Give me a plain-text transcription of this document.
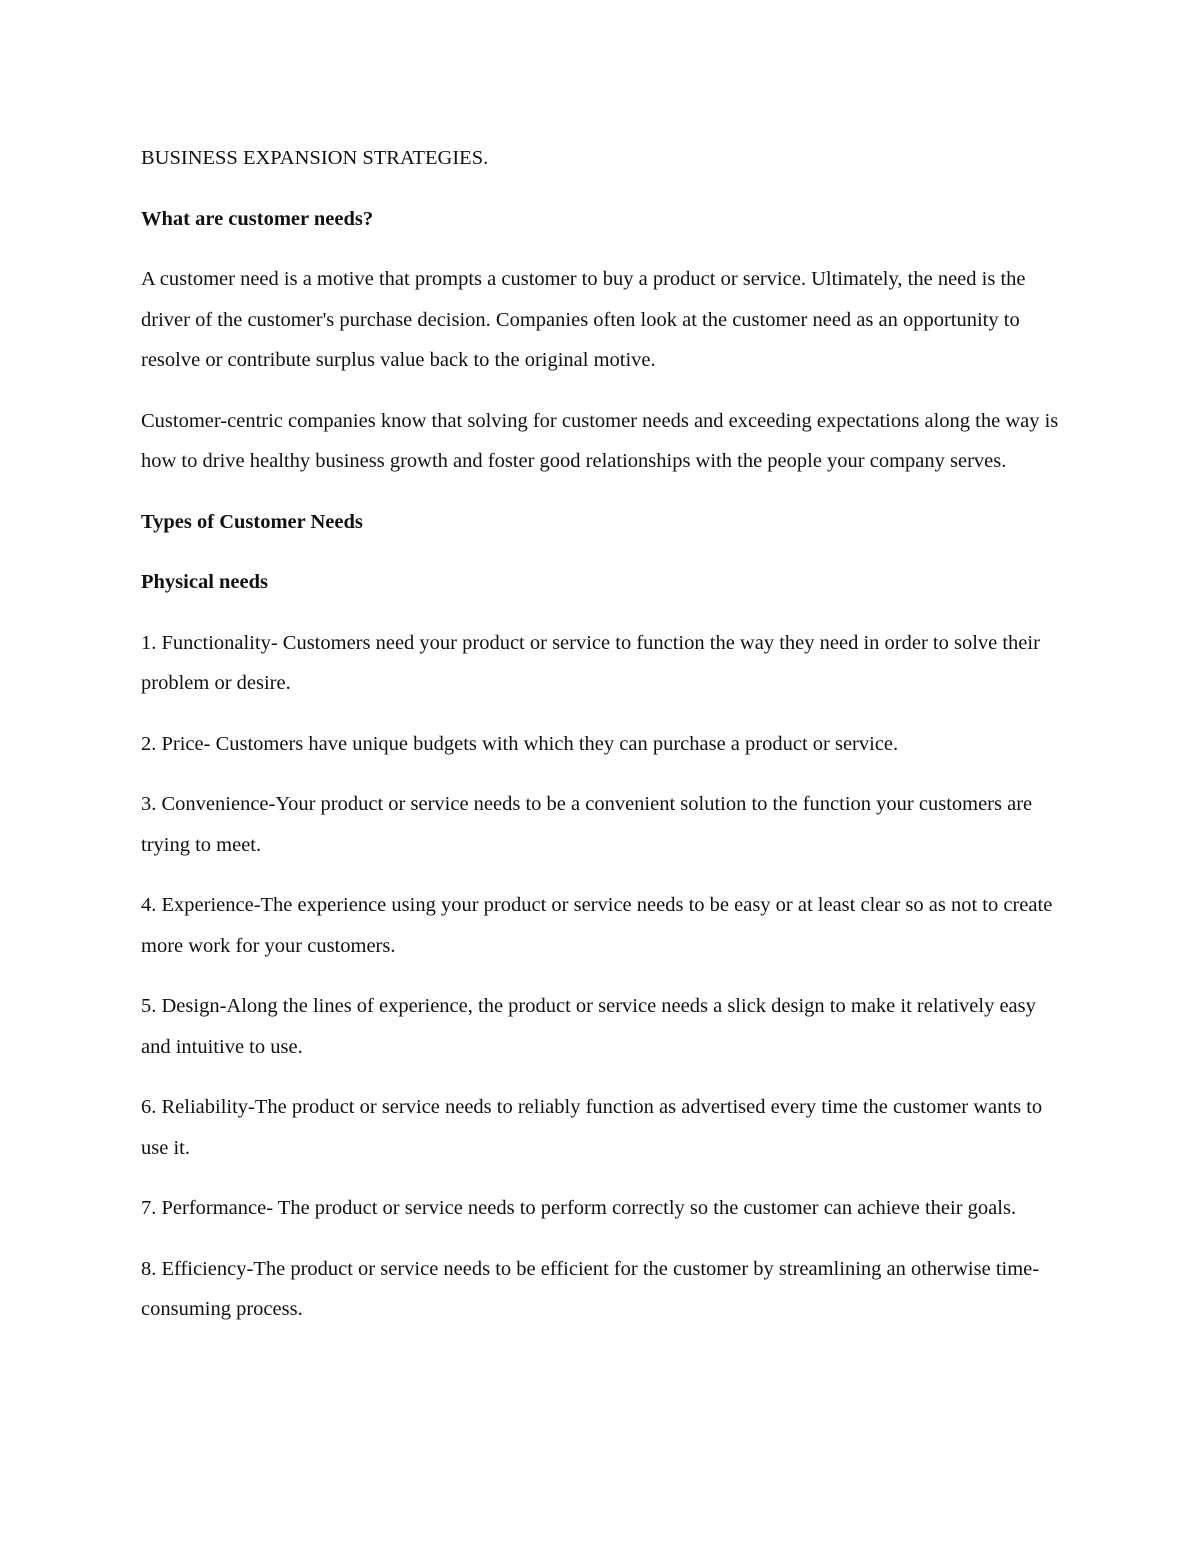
BUSINESS EXPANSION STRATEGIES.

What are customer needs?

A customer need is a motive that prompts a customer to buy a product or service. Ultimately, the need is the driver of the customer's purchase decision. Companies often look at the customer need as an opportunity to resolve or contribute surplus value back to the original motive.

Customer-centric companies know that solving for customer needs and exceeding expectations along the way is how to drive healthy business growth and foster good relationships with the people your company serves.

Types of Customer Needs

Physical needs

1. Functionality- Customers need your product or service to function the way they need in order to solve their problem or desire.

2. Price- Customers have unique budgets with which they can purchase a product or service.

3. Convenience-Your product or service needs to be a convenient solution to the function your customers are trying to meet.

4. Experience-The experience using your product or service needs to be easy or at least clear so as not to create more work for your customers.

5. Design-Along the lines of experience, the product or service needs a slick design to make it relatively easy and intuitive to use.

6. Reliability-The product or service needs to reliably function as advertised every time the customer wants to use it.

7. Performance- The product or service needs to perform correctly so the customer can achieve their goals.

8. Efficiency-The product or service needs to be efficient for the customer by streamlining an otherwise time-consuming process.
